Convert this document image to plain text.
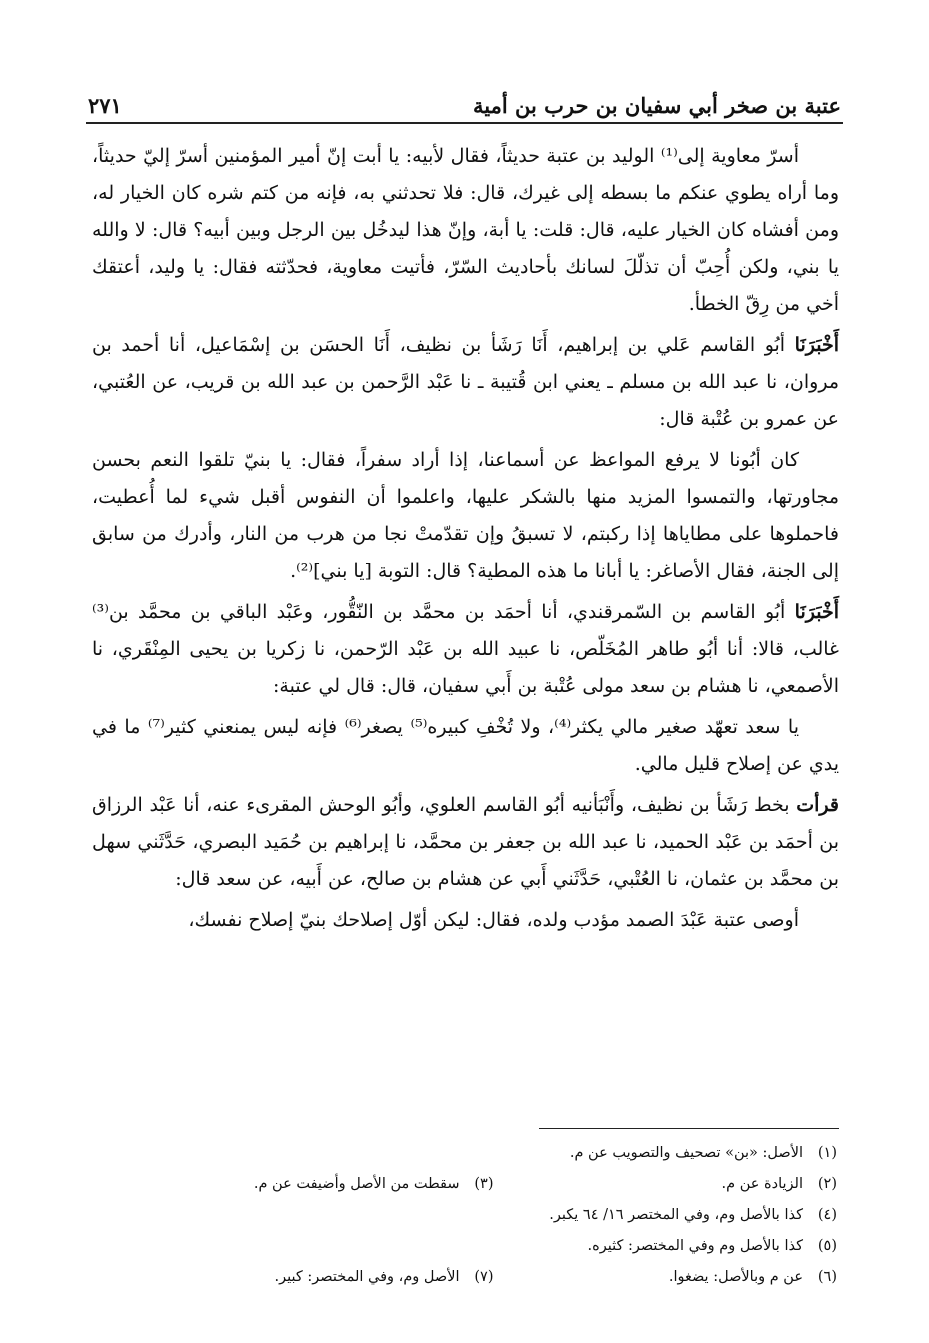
عتبة بن صخر أبي سفيان بن حرب بن أمية
٢٧١

أسرّ معاوية إلى⁽¹⁾ الوليد بن عتبة حديثاً، فقال لأبيه: يا أبت إنّ أمير المؤمنين أسرّ إليّ حديثاً، وما أراه يطوي عنكم ما بسطه إلى غيرك، قال: فلا تحدثني به، فإنه من كتم شره كان الخيار له، ومن أفشاه كان الخيار عليه، قال: قلت: يا أبة، وإنّ هذا ليدخُل بين الرجل وبين أبيه؟ قال: لا والله يا بني، ولكن أُحِبّ أن تذلّلَ لسانك بأحاديث السّرّ، فأتيت معاوية، فحدّثته فقال: يا وليد، أعتقك أخي من رِقّ الخطأ.

أَخْبَرَنَا أبُو القاسم عَلي بن إبراهيم، أَنَا رَشَأ بن نظيف، أَنَا الحسَن بن إسْمَاعيل، أنا أحمد بن مروان، نا عبد الله بن مسلم ـ يعني ابن قُتيبة ـ نا عَبْد الرَّحمن بن عبد الله بن قريب، عن العُتبي، عن عمرو بن عُتْبة قال:

كان أبُونا لا يرفع المواعظ عن أسماعنا، إذا أراد سفراً، فقال: يا بنيّ تلقوا النعم بحسن مجاورتها، والتمسوا المزيد منها بالشكر عليها، واعلموا أن النفوس أقبل شيء لما أُعطيت، فاحملوها على مطاياها إذا ركبتم، لا تسبقُ وإن تقدّمتْ نجا من هرب من النار، وأدرك من سابق إلى الجنة، فقال الأصاغر: يا أبانا ما هذه المطية؟ قال: التوبة [يا بني]⁽²⁾.

أَخْبَرَنَا أبُو القاسم بن السّمرقندي، أنا أحمَد بن محمَّد بن النّقُّور، وعَبْد الباقي بن محمَّد بن⁽³⁾ غالب، قالا: أنا أبُو طاهر المُخَلّص، نا عبيد الله بن عَبْد الرّحمن، نا زكريا بن يحيى المِنْقَري، نا الأصمعي، نا هشام بن سعد مولى عُتْبة بن أَبي سفيان، قال: قال لي عتبة:

يا سعد تعهّد صغير مالي يكثر⁽⁴⁾، ولا تُخْفِ كبيره⁽⁵⁾ يصغر⁽⁶⁾ فإنه ليس يمنعني كثير⁽⁷⁾ ما في يدي عن إصلاح قليل مالي.

قرأت بخط رَشَأ بن نظيف، وأَنْبَأنيه أبُو القاسم العلوي، وأبُو الوحش المقرىء عنه، أنا عَبْد الرزاق بن أحمَد بن عَبْد الحميد، نا عبد الله بن جعفر بن محمَّد، نا إبراهيم بن حُمَيد البصري، حَدَّثَني سهل بن محمَّد بن عثمان، نا العُتْبي، حَدَّثَني أَبي عن هشام بن صالح، عن أَبيه، عن سعد قال:

أوصى عتبة عَبْدَ الصمد مؤدب ولده، فقال: ليكن أوّل إصلاحك بنيّ إصلاح نفسك،

(١)
الأصل: «بن» تصحيف والتصويب عن م.
(٢)
الزيادة عن م.
(٣)
سقطت من الأصل وأضيفت عن م.
(٤)
كذا بالأصل وم، وفي المختصر ١٦/ ٦٤ يكبر.
(٥)
كذا بالأصل وم وفي المختصر: كثيره.
(٦)
عن م وبالأصل: يضغوا.
(٧)
الأصل وم، وفي المختصر: كبير.
